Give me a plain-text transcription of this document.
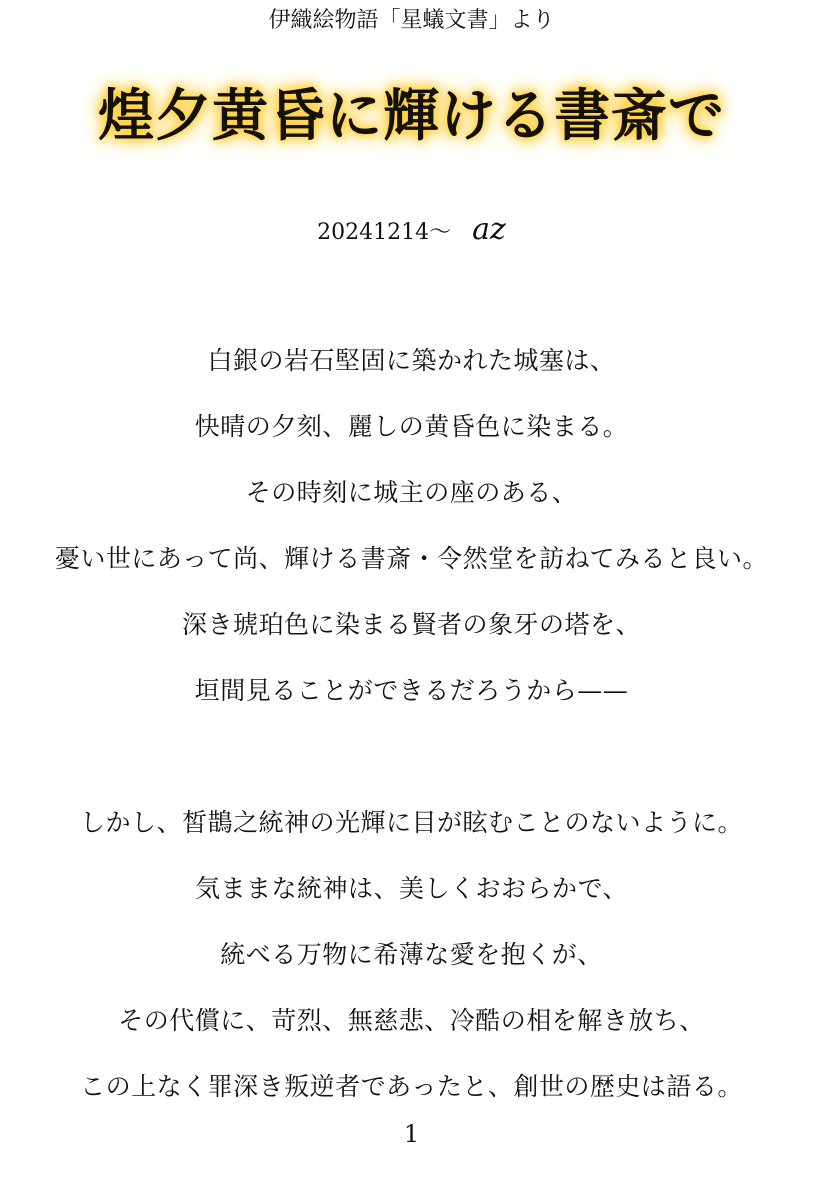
伊織絵物語「星蟻文書」より
煌夕黄昏に輝ける書斎で
20241214〜 az
白銀の岩石堅固に築かれた城塞は、
快晴の夕刻、麗しの黄昏色に染まる。
その時刻に城主の座のある、
憂い世にあって尚、輝ける書斎・令然堂を訪ねてみると良い。
深き琥珀色に染まる賢者の象牙の塔を、
垣間見ることができるだろうから——
しかし、皙鵲之統神の光輝に目が眩むことのないように。
気ままな統神は、美しくおおらかで、
統べる万物に希薄な愛を抱くが、
その代償に、苛烈、無慈悲、冷酷の相を解き放ち、
この上なく罪深き叛逆者であったと、創世の歴史は語る。
1
